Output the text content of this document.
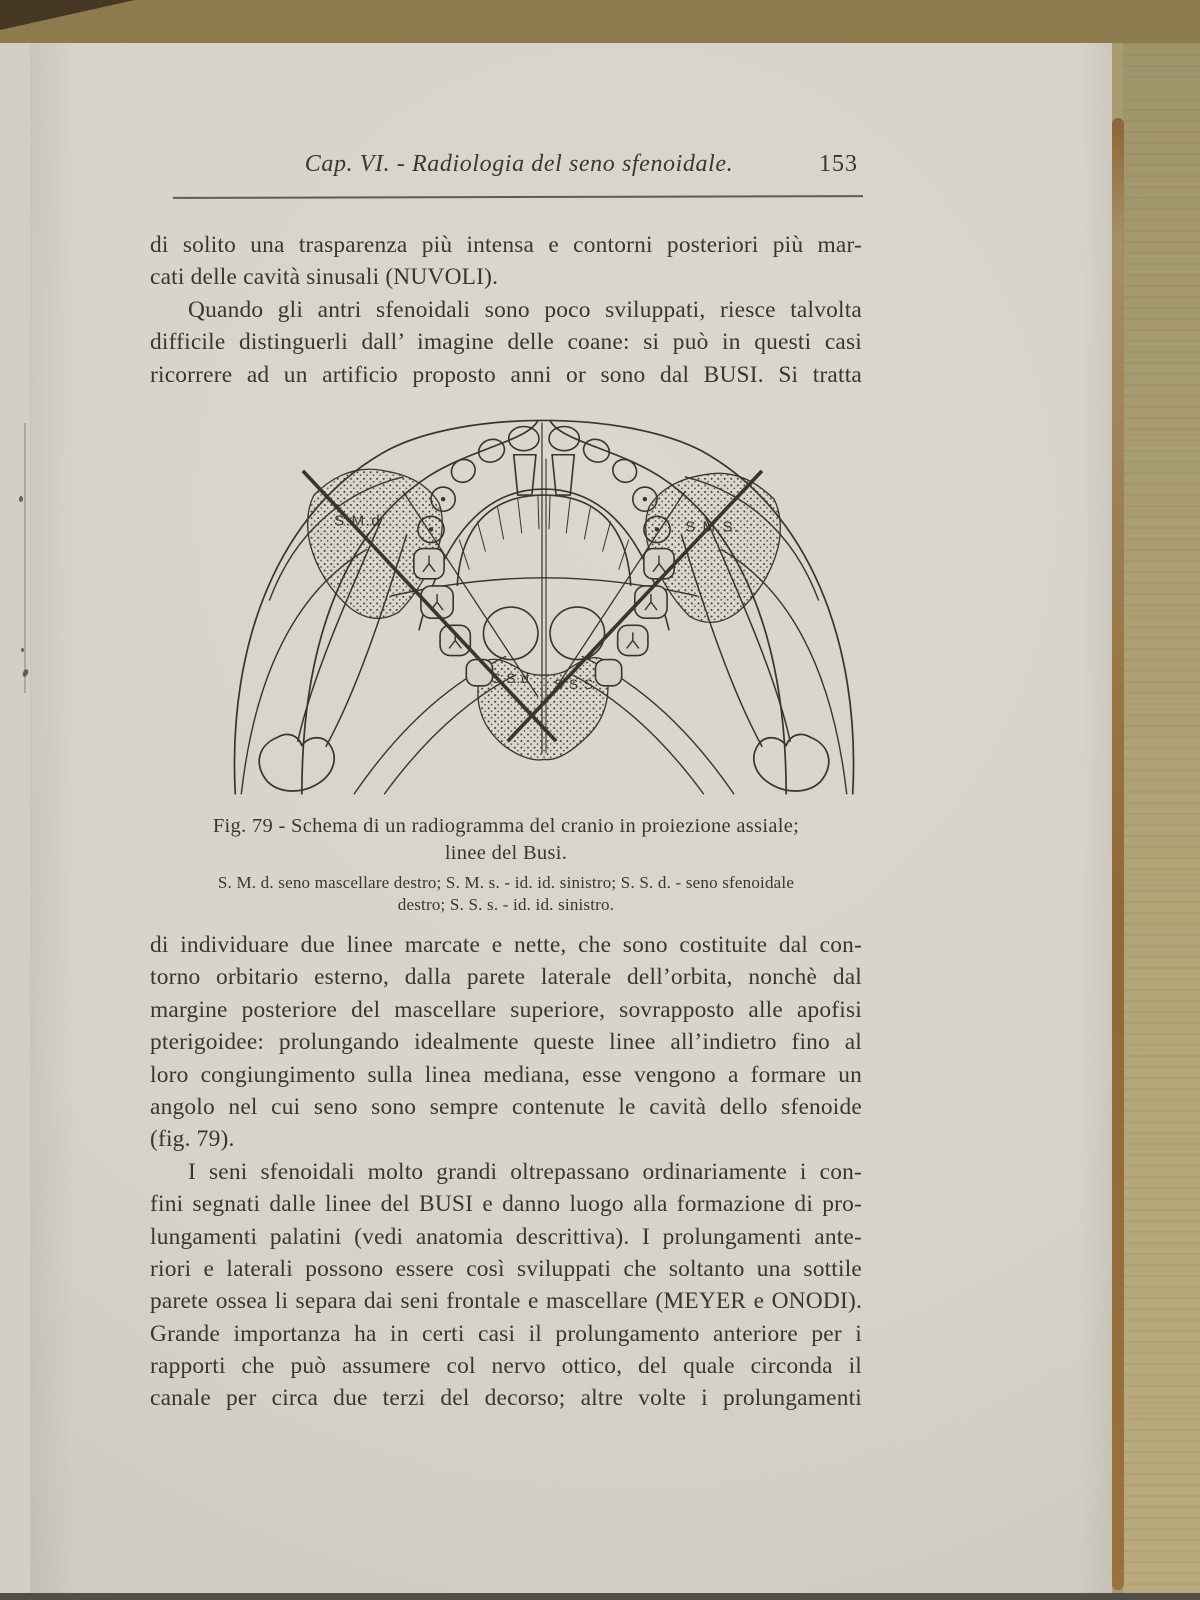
Cap. VI. - Radiologia del seno sfenoidale.	153
di solito una trasparenza più intensa e contorni posteriori più mar-
cati delle cavità sinusali (NUVOLI).
Quando gli antri sfenoidali sono poco sviluppati, riesce talvolta
difficile distinguerli dall’ imagine delle coane: si può in questi casi
ricorrere ad un artificio proposto anni or sono dal BUSI. Si tratta
S.M.d.	S.M.S.
S.S.d S.S.S
Fig. 79 - Schema di un radiogramma del cranio in proiezione assiale;
linee del Busi.
S. M. d. seno mascellare destro; S. M. s. - id. id. sinistro; S. S. d. - seno sfenoidale
destro; S. S. s. - id. id. sinistro.
di individuare due linee marcate e nette, che sono costituite dal con-
torno orbitario esterno, dalla parete laterale dell’orbita, nonchè dal
margine posteriore del mascellare superiore, sovrapposto alle apofisi
pterigoidee: prolungando idealmente queste linee all’indietro fino al
loro congiungimento sulla linea mediana, esse vengono a formare un
angolo nel cui seno sono sempre contenute le cavità dello sfenoide
(fig. 79).
I seni sfenoidali molto grandi oltrepassano ordinariamente i con-
fini segnati dalle linee del BUSI e danno luogo alla formazione di pro-
lungamenti palatini (vedi anatomia descrittiva). I prolungamenti ante-
riori e laterali possono essere così sviluppati che soltanto una sottile
parete ossea li separa dai seni frontale e mascellare (MEYER e ONODI).
Grande importanza ha in certi casi il prolungamento anteriore per i
rapporti che può assumere col nervo ottico, del quale circonda il
canale per circa due terzi del decorso; altre volte i prolungamenti
